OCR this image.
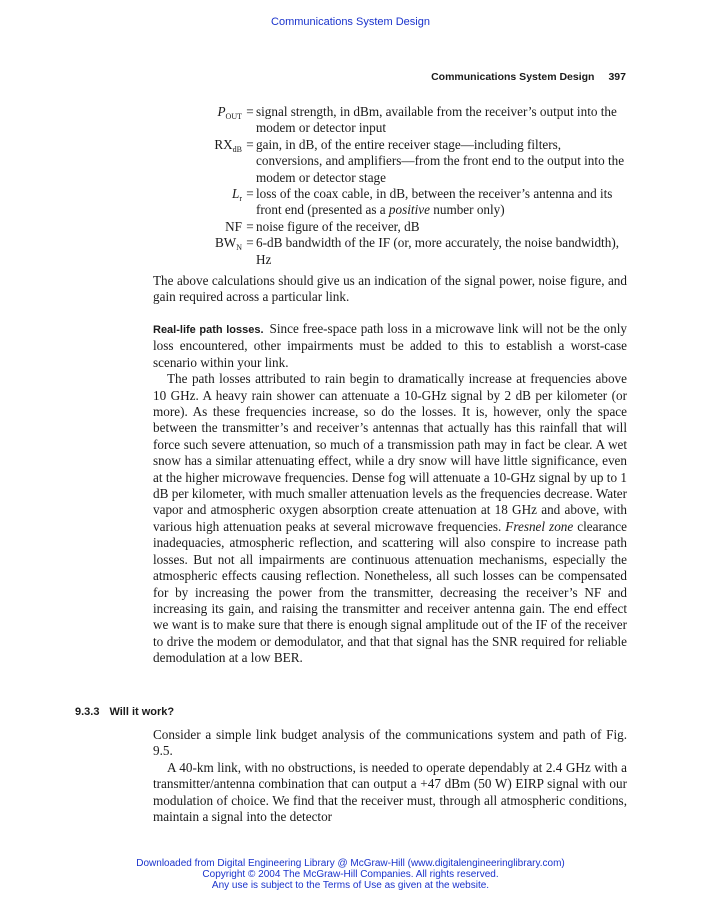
Communications System Design
Communications System Design 397
$P_{OUT}$ = signal strength, in dBm, available from the receiver’s output into the modem or detector input
$RX_{dB}$ = gain, in dB, of the entire receiver stage—including filters, conversions, and amplifiers—from the front end to the output into the modem or detector stage
$L_r$ = loss of the coax cable, in dB, between the receiver’s antenna and its front end (presented as a positive number only)
NF = noise figure of the receiver, dB
$BW_N = 6-dB$ bandwidth of the IF (or, more accurately, the noise bandwidth), Hz

The above calculations should give us an indication of the signal power, noise figure, and gain required across a particular link.

Real-life path losses. Since free-space path loss in a microwave link will not be the only loss encountered, other impairments must be added to this to establish a worst-case scenario within your link.

The path losses attributed to rain begin to dramatically increase at frequencies above 10 GHz. A heavy rain shower can attenuate a 10-GHz signal by 2 dB per kilometer (or more). As these frequencies increase, so do the losses. It is, however, only the space between the transmitter’s and receiver’s antennas that actually has this rainfall that will force such severe attenuation, so much of a transmission path may in fact be clear. A wet snow has a similar attenuating effect, while a dry snow will have little significance, even at the higher microwave frequencies. Dense fog will attenuate a 10-GHz signal by up to 1 dB per kilometer, with much smaller attenuation levels as the frequencies decrease. Water vapor and atmospheric oxygen absorption create attenuation at 18 GHz and above, with various high attenuation peaks at several microwave frequencies. Fresnel zone clearance inadequacies, atmospheric reflection, and scattering will also conspire to increase path losses. But not all impairments are continuous attenuation mechanisms, especially the atmospheric effects causing reflection. Nonetheless, all such losses can be compensated for by increasing the power from the transmitter, decreasing the receiver’s NF and increasing its gain, and raising the transmitter and receiver antenna gain. The end effect we want is to make sure that there is enough signal amplitude out of the IF of the receiver to drive the modem or demodulator, and that that signal has the SNR required for reliable demodulation at a low BER.

9.3.3 Will it work?

Consider a simple link budget analysis of the communications system and path of Fig. 9.5.

A 40-km link, with no obstructions, is needed to operate dependably at 2.4 GHz with a transmitter/antenna combination that can output a +47 dBm (50 W) EIRP signal with our modulation of choice. We find that the receiver must, through all atmospheric conditions, maintain a signal into the detector

Downloaded from Digital Engineering Library @ McGraw-Hill (www.digitalengineeringlibrary.com)
Copyright © 2004 The McGraw-Hill Companies. All rights reserved.
Any use is subject to the Terms of Use as given at the website.
